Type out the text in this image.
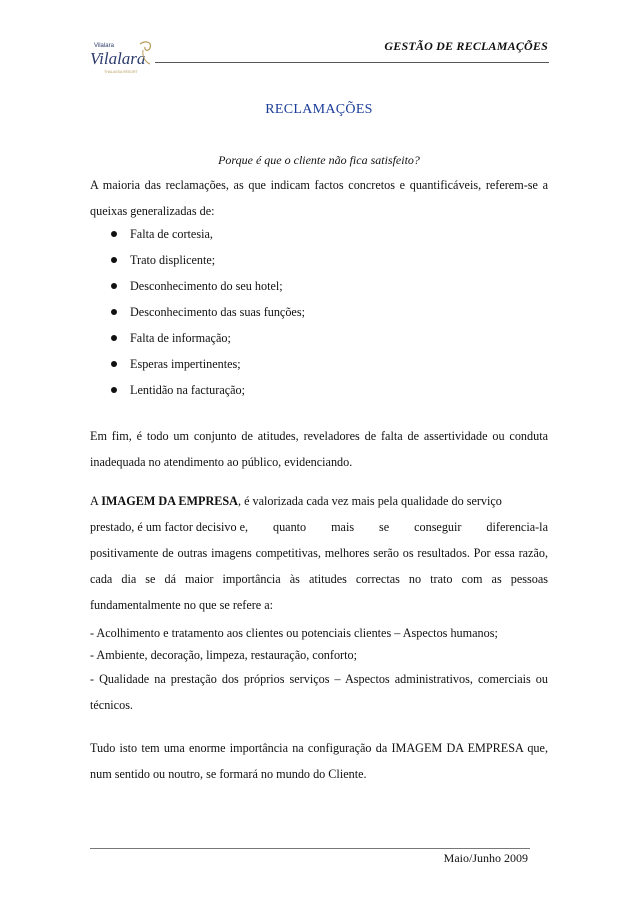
Vilalara
Vilalara
THALASSA RESORT
GESTÃO DE RECLAMAÇÕES
RECLAMAÇÕES
Porque é que o cliente não fica satisfeito?
A maioria das reclamações, as que indicam factos concretos e quantificáveis, referem-se a queixas generalizadas de:
Falta de cortesia,
Trato displicente;
Desconhecimento do seu hotel;
Desconhecimento das suas funções;
Falta de informação;
Esperas impertinentes;
Lentidão na facturação;
Em fim, é todo um conjunto de atitudes, reveladores de falta de assertividade ou conduta inadequada no atendimento ao público, evidenciando.
A IMAGEM DA EMPRESA, é valorizada cada vez mais pela qualidade do serviço
prestado, é um factor decisivo e, quanto mais se conseguir diferencia-la
positivamente de outras imagens competitivas, melhores serão os resultados. Por essa razão, cada dia se dá maior importância às atitudes correctas no trato com as pessoas fundamentalmente no que se refere a:
- Acolhimento e tratamento aos clientes ou potenciais clientes – Aspectos humanos;
- Ambiente, decoração, limpeza, restauração, conforto;
- Qualidade na prestação dos próprios serviços – Aspectos administrativos, comerciais ou técnicos.
Tudo isto tem uma enorme importância na configuração da IMAGEM DA EMPRESA que, num sentido ou noutro, se formará no mundo do Cliente.
Maio/Junho 2009
